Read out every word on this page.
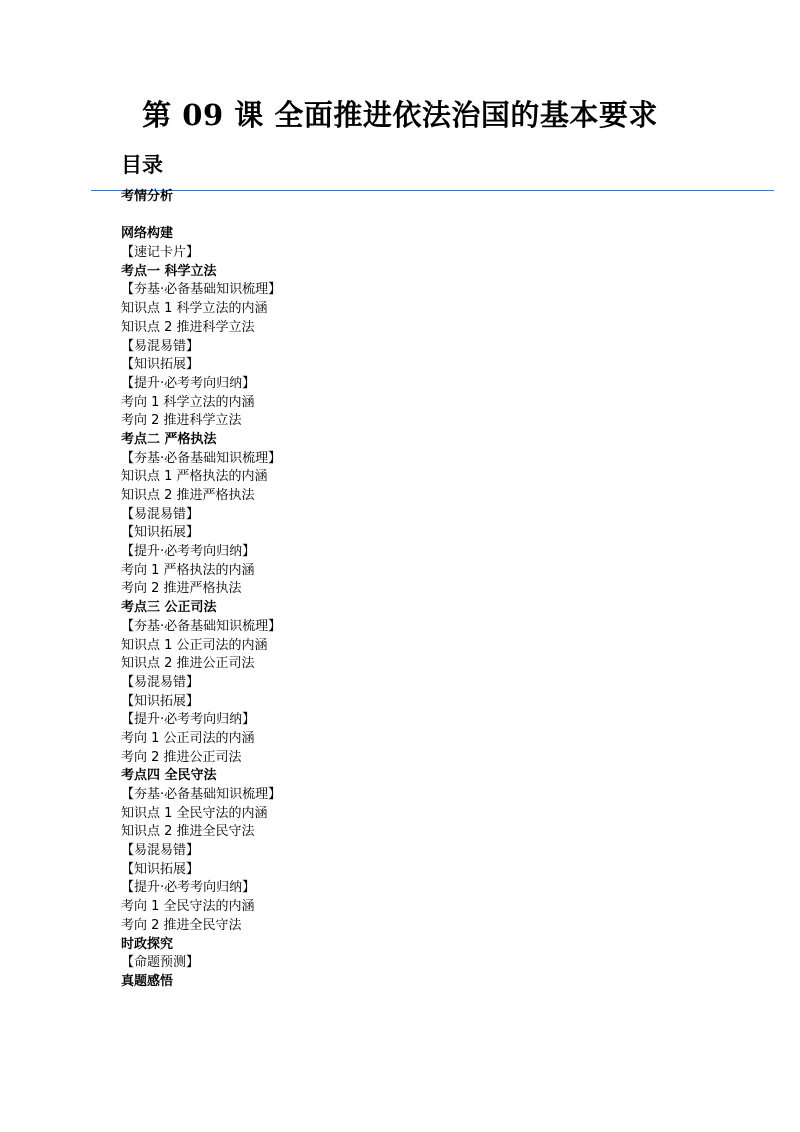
第 09 课 全面推进依法治国的基本要求
目录
考情分析
网络构建
【速记卡片】
考点一 科学立法
【夯基·必备基础知识梳理】
知识点 1 科学立法的内涵
知识点 2 推进科学立法
【易混易错】
【知识拓展】
【提升·必考考向归纳】
考向 1 科学立法的内涵
考向 2 推进科学立法
考点二 严格执法
【夯基·必备基础知识梳理】
知识点 1 严格执法的内涵
知识点 2 推进严格执法
【易混易错】
【知识拓展】
【提升·必考考向归纳】
考向 1 严格执法的内涵
考向 2 推进严格执法
考点三 公正司法
【夯基·必备基础知识梳理】
知识点 1 公正司法的内涵
知识点 2 推进公正司法
【易混易错】
【知识拓展】
【提升·必考考向归纳】
考向 1 公正司法的内涵
考向 2 推进公正司法
考点四 全民守法
【夯基·必备基础知识梳理】
知识点 1 全民守法的内涵
知识点 2 推进全民守法
【易混易错】
【知识拓展】
【提升·必考考向归纳】
考向 1 全民守法的内涵
考向 2 推进全民守法
时政探究
【命题预测】
真题感悟
